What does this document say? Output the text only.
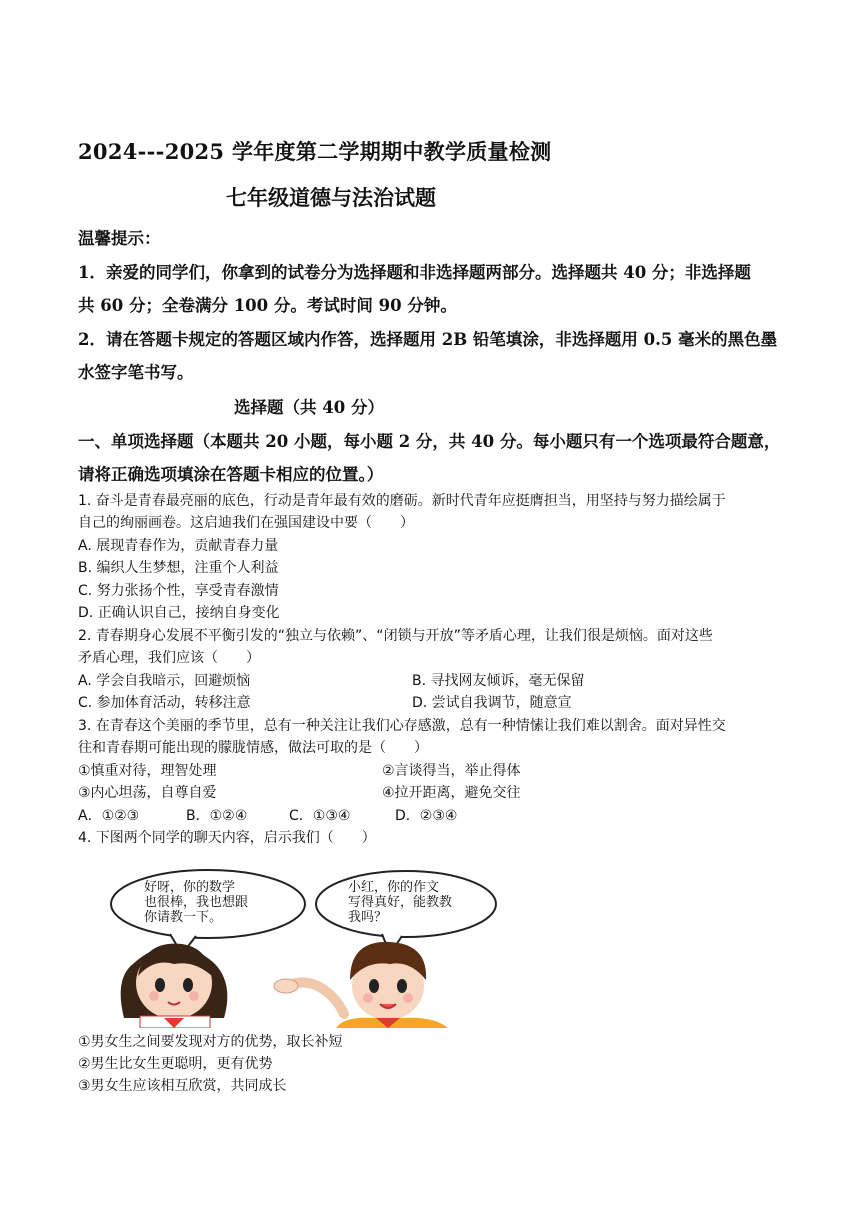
2024---2025 学年度第二学期期中教学质量检测
七年级道德与法治试题
温馨提示：
1．亲爱的同学们，你拿到的试卷分为选择题和非选择题两部分。选择题共 40 分；非选择题
共 60 分；全卷满分 100 分。考试时间 90 分钟。
2．请在答题卡规定的答题区域内作答，选择题用 2B 铅笔填涂，非选择题用 0.5 毫米的黑色墨
水签字笔书写。
选择题（共 40 分）
一、单项选择题（本题共 20 小题，每小题 2 分，共 40 分。每小题只有一个选项最符合题意，
请将正确选项填涂在答题卡相应的位置。）
1. 奋斗是青春最亮丽的底色，行动是青年最有效的磨砺。新时代青年应挺膺担当，用坚持与努力描绘属于
自己的绚丽画卷。这启迪我们在强国建设中要（　　）
A. 展现青春作为，贡献青春力量
B. 编织人生梦想，注重个人利益
C. 努力张扬个性，享受青春激情
D. 正确认识自己，接纳自身变化
2. 青春期身心发展不平衡引发的“独立与依赖”、“闭锁与开放”等矛盾心理，让我们很是烦恼。面对这些
矛盾心理，我们应该（　　）
A. 学会自我暗示，回避烦恼	B. 寻找网友倾诉，毫无保留
C. 参加体育活动，转移注意	D. 尝试自我调节，随意宣
3. 在青春这个美丽的季节里，总有一种关注让我们心存感激，总有一种情愫让我们难以割舍。面对异性交
往和青春期可能出现的朦胧情感，做法可取的是（　　）
①慎重对待，理智处理	②言谈得当，举止得体
③内心坦荡，自尊自爱	④拉开距离，避免交往
A．①②③	B．①②④	C．①③④	D．②③④
4. 下图两个同学的聊天内容，启示我们（　　）
好呀，你的数学
也很棒，我也想跟
你请教一下。
小红，你的作文
写得真好，能教教
我吗？
①男女生之间要发现对方的优势，取长补短
②男生比女生更聪明，更有优势
③男女生应该相互欣赏，共同成长
